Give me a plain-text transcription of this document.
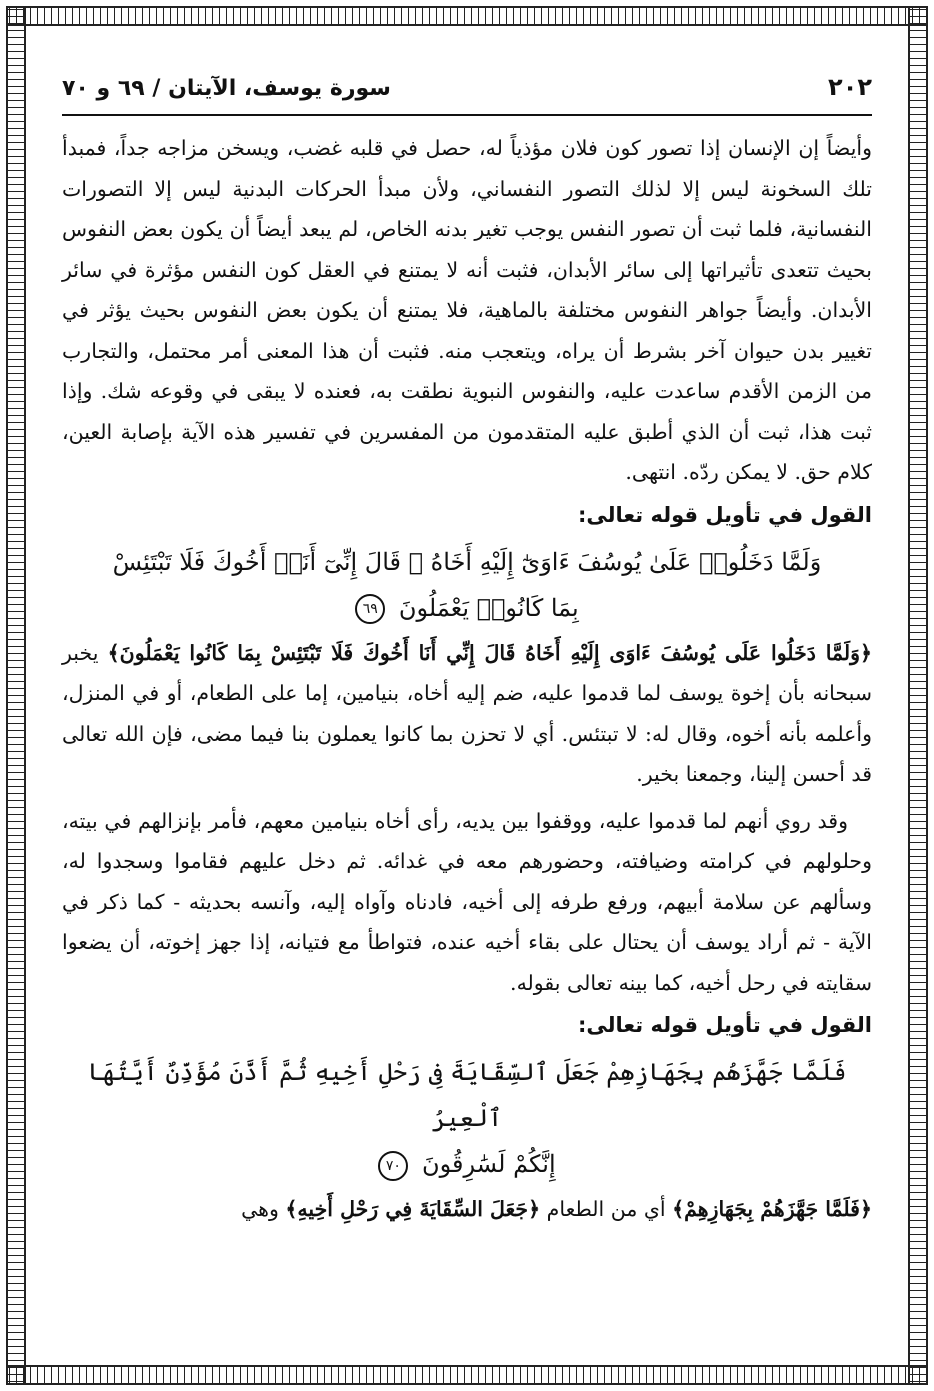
٢٠٢
سورة يوسف، الآيتان / ٦٩ و ٧٠

وأيضاً إن الإنسان إذا تصور كون فلان مؤذياً له، حصل في قلبه غضب، ويسخن مزاجه جداً، فمبدأ تلك السخونة ليس إلا لذلك التصور النفساني، ولأن مبدأ الحركات البدنية ليس إلا التصورات النفسانية، فلما ثبت أن تصور النفس يوجب تغير بدنه الخاص، لم يبعد أيضاً أن يكون بعض النفوس بحيث تتعدى تأثيراتها إلى سائر الأبدان، فثبت أنه لا يمتنع في العقل كون النفس مؤثرة في سائر الأبدان. وأيضاً جواهر النفوس مختلفة بالماهية، فلا يمتنع أن يكون بعض النفوس بحيث يؤثر في تغيير بدن حيوان آخر بشرط أن يراه، ويتعجب منه. فثبت أن هذا المعنى أمر محتمل، والتجارب من الزمن الأقدم ساعدت عليه، والنفوس النبوية نطقت به، فعنده لا يبقى في وقوعه شك. وإذا ثبت هذا، ثبت أن الذي أطبق عليه المتقدمون من المفسرين في تفسير هذه الآية بإصابة العين، كلام حق. لا يمكن ردّه. انتهى.

القول في تأويل قوله تعالى:

وَلَمَّا دَخَلُوا۟ عَلَىٰ يُوسُفَ ءَاوَىٰٓ إِلَيْهِ أَخَاهُ ۖ قَالَ إِنِّىٓ أَنَا۠ أَخُوكَ فَلَا تَبْتَئِسْ
بِمَا كَانُوا۟ يَعْمَلُونَ ٦٩

﴿وَلَمَّا دَخَلُوا عَلَى يُوسُفَ ءَاوَى إِلَيْهِ أَخَاهُ قَالَ إِنِّي أَنَا أَخُوكَ فَلَا تَبْتَئِسْ بِمَا كَانُوا يَعْمَلُونَ﴾ يخبر سبحانه بأن إخوة يوسف لما قدموا عليه، ضم إليه أخاه، بنيامين، إما على الطعام، أو في المنزل، وأعلمه بأنه أخوه، وقال له: لا تبتئس. أي لا تحزن بما كانوا يعملون بنا فيما مضى، فإن الله تعالى قد أحسن إلينا، وجمعنا بخير.

وقد روي أنهم لما قدموا عليه، ووقفوا بين يديه، رأى أخاه بنيامين معهم، فأمر بإنزالهم في بيته، وحلولهم في كرامته وضيافته، وحضورهم معه في غدائه. ثم دخل عليهم فقاموا وسجدوا له، وسألهم عن سلامة أبيهم، ورفع طرفه إلى أخيه، فادناه وآواه إليه، وآنسه بحديثه - كما ذكر في الآية - ثم أراد يوسف أن يحتال على بقاء أخيه عنده، فتواطأ مع فتيانه، إذا جهز إخوته، أن يضعوا سقايته في رحل أخيه، كما بينه تعالى بقوله.

القول في تأويل قوله تعالى:

فَلَمَّا جَهَّزَهُم بِجَهَازِهِمْ جَعَلَ ٱلسِّقَايَةَ فِى رَحْلِ أَخِيهِ ثُمَّ أَذَّنَ مُؤَذِّنٌ أَيَّتُهَا ٱلْعِيرُ
إِنَّكُمْ لَسَٰرِقُونَ ٧٠

﴿فَلَمَّا جَهَّزَهُمْ بِجَهَازِهِمْ﴾ أي من الطعام ﴿جَعَلَ السِّقَايَةَ فِي رَحْلِ أَخِيهِ﴾ وهي
